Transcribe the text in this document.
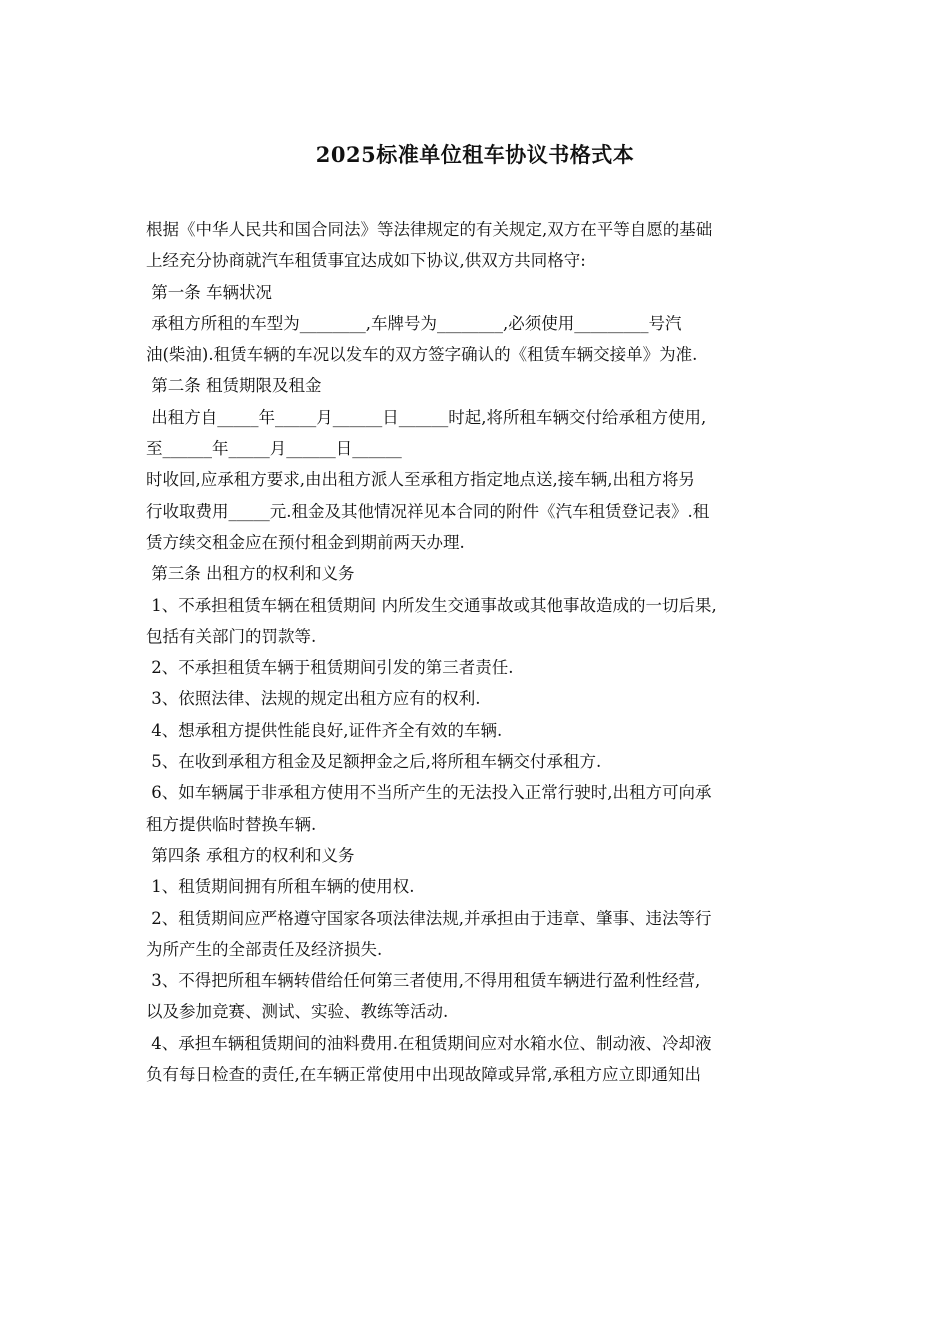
2025标准单位租车协议书格式本
根据《中华人民共和国合同法》等法律规定的有关规定,双方在平等自愿的基础
上经充分协商就汽车租赁事宜达成如下协议,供双方共同格守:
第一条 车辆状况
承租方所租的车型为________,车牌号为________,必须使用_________号汽
油(柴油).租赁车辆的车况以发车的双方签字确认的《租赁车辆交接单》为准.
第二条 租赁期限及租金
出租方自_____年_____月______日______时起,将所租车辆交付给承租方使用,
至______年_____月______日______
时收回,应承租方要求,由出租方派人至承租方指定地点送,接车辆,出租方将另
行收取费用_____元.租金及其他情况祥见本合同的附件《汽车租赁登记表》.租
赁方续交租金应在预付租金到期前两天办理.
第三条 出租方的权利和义务
1、不承担租赁车辆在租赁期间 内所发生交通事故或其他事故造成的一切后果,
包括有关部门的罚款等.
2、不承担租赁车辆于租赁期间引发的第三者责任.
3、依照法律、法规的规定出租方应有的权利.
4、想承租方提供性能良好,证件齐全有效的车辆.
5、在收到承租方租金及足额押金之后,将所租车辆交付承租方.
6、如车辆属于非承租方使用不当所产生的无法投入正常行驶时,出租方可向承
租方提供临时替换车辆.
第四条 承租方的权利和义务
1、租赁期间拥有所租车辆的使用权.
2、租赁期间应严格遵守国家各项法律法规,并承担由于违章、肇事、违法等行
为所产生的全部责任及经济损失.
3、不得把所租车辆转借给任何第三者使用,不得用租赁车辆进行盈利性经营,
以及参加竞赛、测试、实验、教练等活动.
4、承担车辆租赁期间的油料费用.在租赁期间应对水箱水位、制动液、冷却液
负有每日检查的责任,在车辆正常使用中出现故障或异常,承租方应立即通知出
